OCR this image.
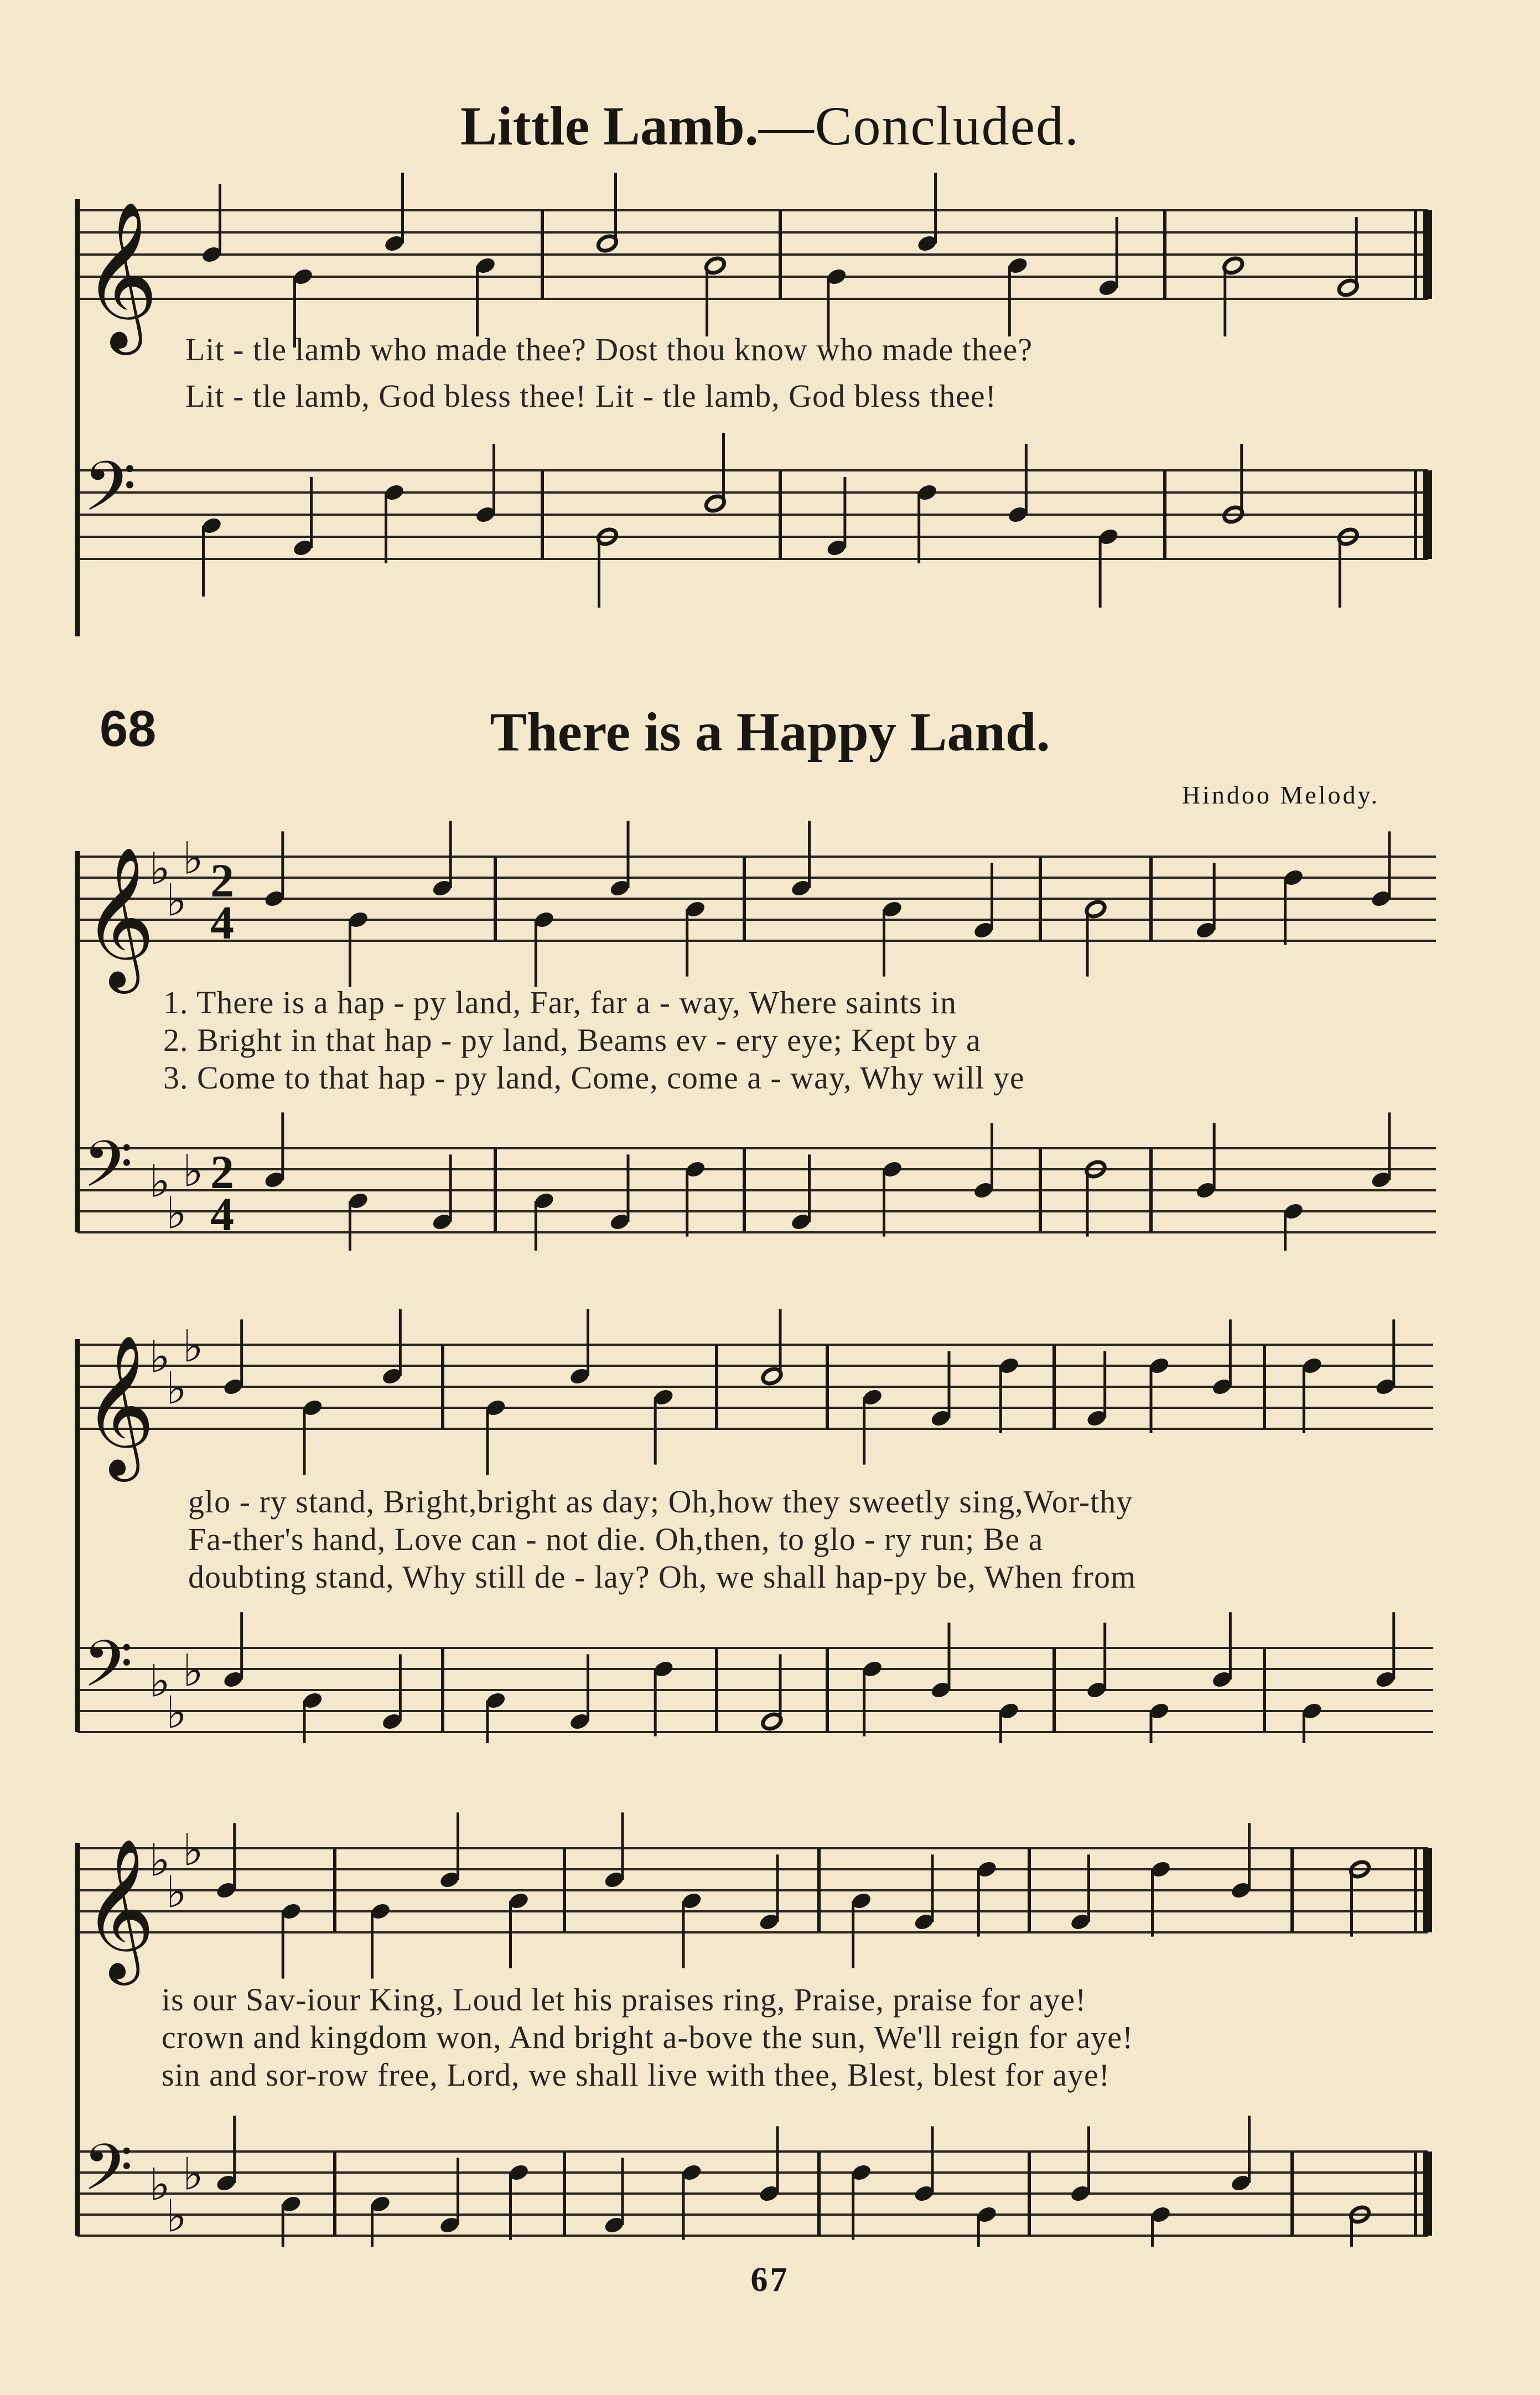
Little Lamb.—Concluded.
𝄞
𝄢
Lit - tle lamb who made thee? Dost thou know who made thee?
Lit - tle lamb, God bless thee! Lit - tle lamb, God bless thee!
68	There is a Happy Land.
Hindoo Melody.
𝄞
𝄢
♭
♭
♭
♭
♭
♭
2
4
2
4
1. There is a hap - py land, Far, far a - way, Where saints in
2. Bright in that hap - py land, Beams ev - ery eye; Kept by a
3. Come to that hap - py land, Come, come a - way, Why will ye
𝄞
𝄢
♭
♭
♭
♭
♭
♭
glo - ry stand, Bright,bright as day; Oh,how they sweetly sing,Wor-thy
Fa-ther's hand, Love can - not die. Oh,then, to glo - ry run; Be a
doubting stand, Why still de - lay? Oh, we shall hap-py be, When from
𝄞
𝄢
♭
♭
♭
♭
♭
♭
is our Sav-iour King, Loud let his praises ring, Praise, praise for aye!
crown and kingdom won, And bright a-bove the sun, We'll reign for aye!
sin and sor-row free, Lord, we shall live with thee, Blest, blest for aye!
67
